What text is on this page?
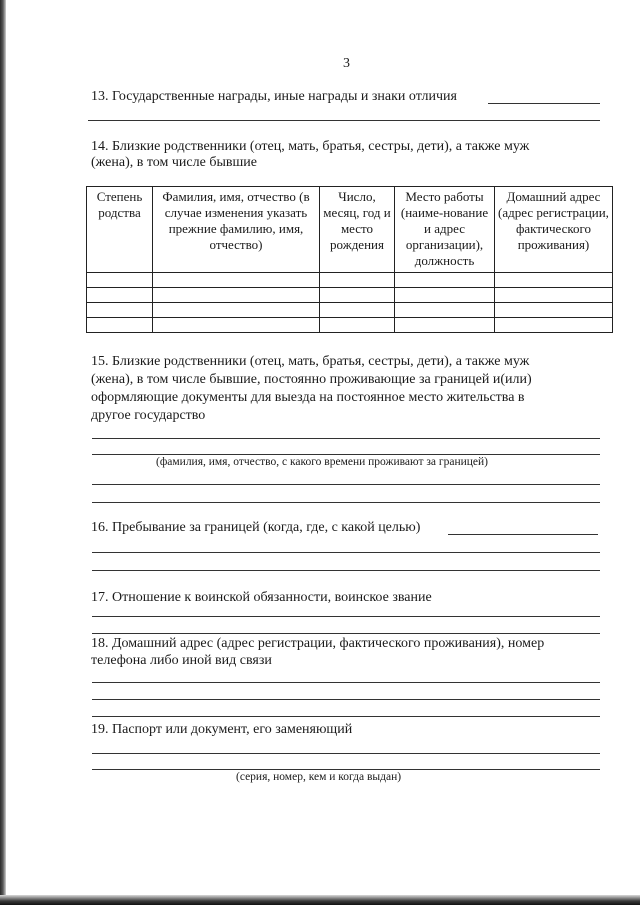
3
13. Государственные награды, иные награды и знаки отличия
14. Близкие родственники (отец, мать, братья, сестры, дети), а также муж
(жена), в том числе бывшие
Степень родства	Фамилия, имя, отчество (в случае изменения указать прежние фамилию, имя, отчество)	Число, месяц, год и место рождения	Место работы (наиме-нование и адрес организации), должность	Домашний адрес (адрес регистрации, фактического проживания)

15. Близкие родственники (отец, мать, братья, сестры, дети), а также муж
(жена), в том числе бывшие, постоянно проживающие за границей и(или)
оформляющие документы для выезда на постоянное место жительства в
другое государство
(фамилия, имя, отчество, с какого времени проживают за границей)
16. Пребывание за границей (когда, где, с какой целью)
17. Отношение к воинской обязанности, воинское звание
18. Домашний адрес (адрес регистрации, фактического проживания), номер
телефона либо иной вид связи
19. Паспорт или документ, его заменяющий
(серия, номер, кем и когда выдан)
